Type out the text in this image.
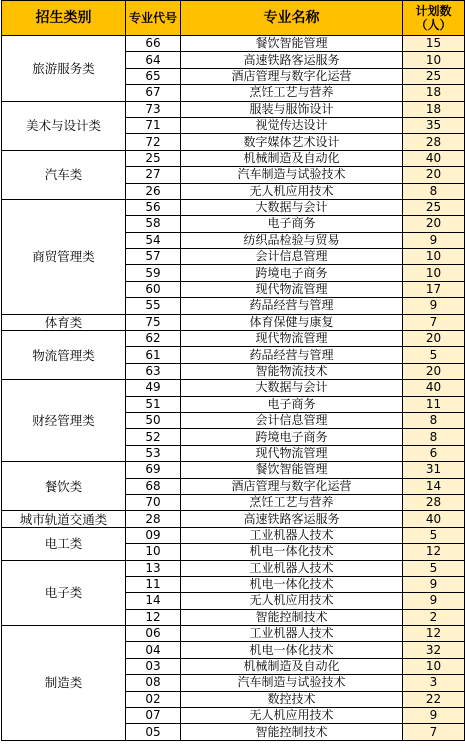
招生类别	专业代号	专业名称	计划数（人）
旅游服务类	66	餐饮智能管理	15
	64	高速铁路客运服务	10
	65	酒店管理与数字化运营	25
	67	烹饪工艺与营养	18
美术与设计类	73	服装与服饰设计	18
	71	视觉传达设计	35
	72	数字媒体艺术设计	28
汽车类	25	机械制造及自动化	40
	27	汽车制造与试验技术	20
	26	无人机应用技术	8
商贸管理类	56	大数据与会计	25
	58	电子商务	20
	54	纺织品检验与贸易	9
	57	会计信息管理	10
	59	跨境电子商务	10
	60	现代物流管理	17
	55	药品经营与管理	9
体育类	75	体育保健与康复	7
物流管理类	62	现代物流管理	20
	61	药品经营与管理	5
	63	智能物流技术	20
财经管理类	49	大数据与会计	40
	51	电子商务	11
	50	会计信息管理	8
	52	跨境电子商务	8
	53	现代物流管理	6
餐饮类	69	餐饮智能管理	31
	68	酒店管理与数字化运营	14
	70	烹饪工艺与营养	28
城市轨道交通类	28	高速铁路客运服务	40
电工类	09	工业机器人技术	5
	10	机电一体化技术	12
电子类	13	工业机器人技术	5
	11	机电一体化技术	9
	14	无人机应用技术	9
	12	智能控制技术	2
制造类	06	工业机器人技术	12
	04	机电一体化技术	32
	03	机械制造及自动化	10
	08	汽车制造与试验技术	3
	02	数控技术	22
	07	无人机应用技术	9
	05	智能控制技术	7
